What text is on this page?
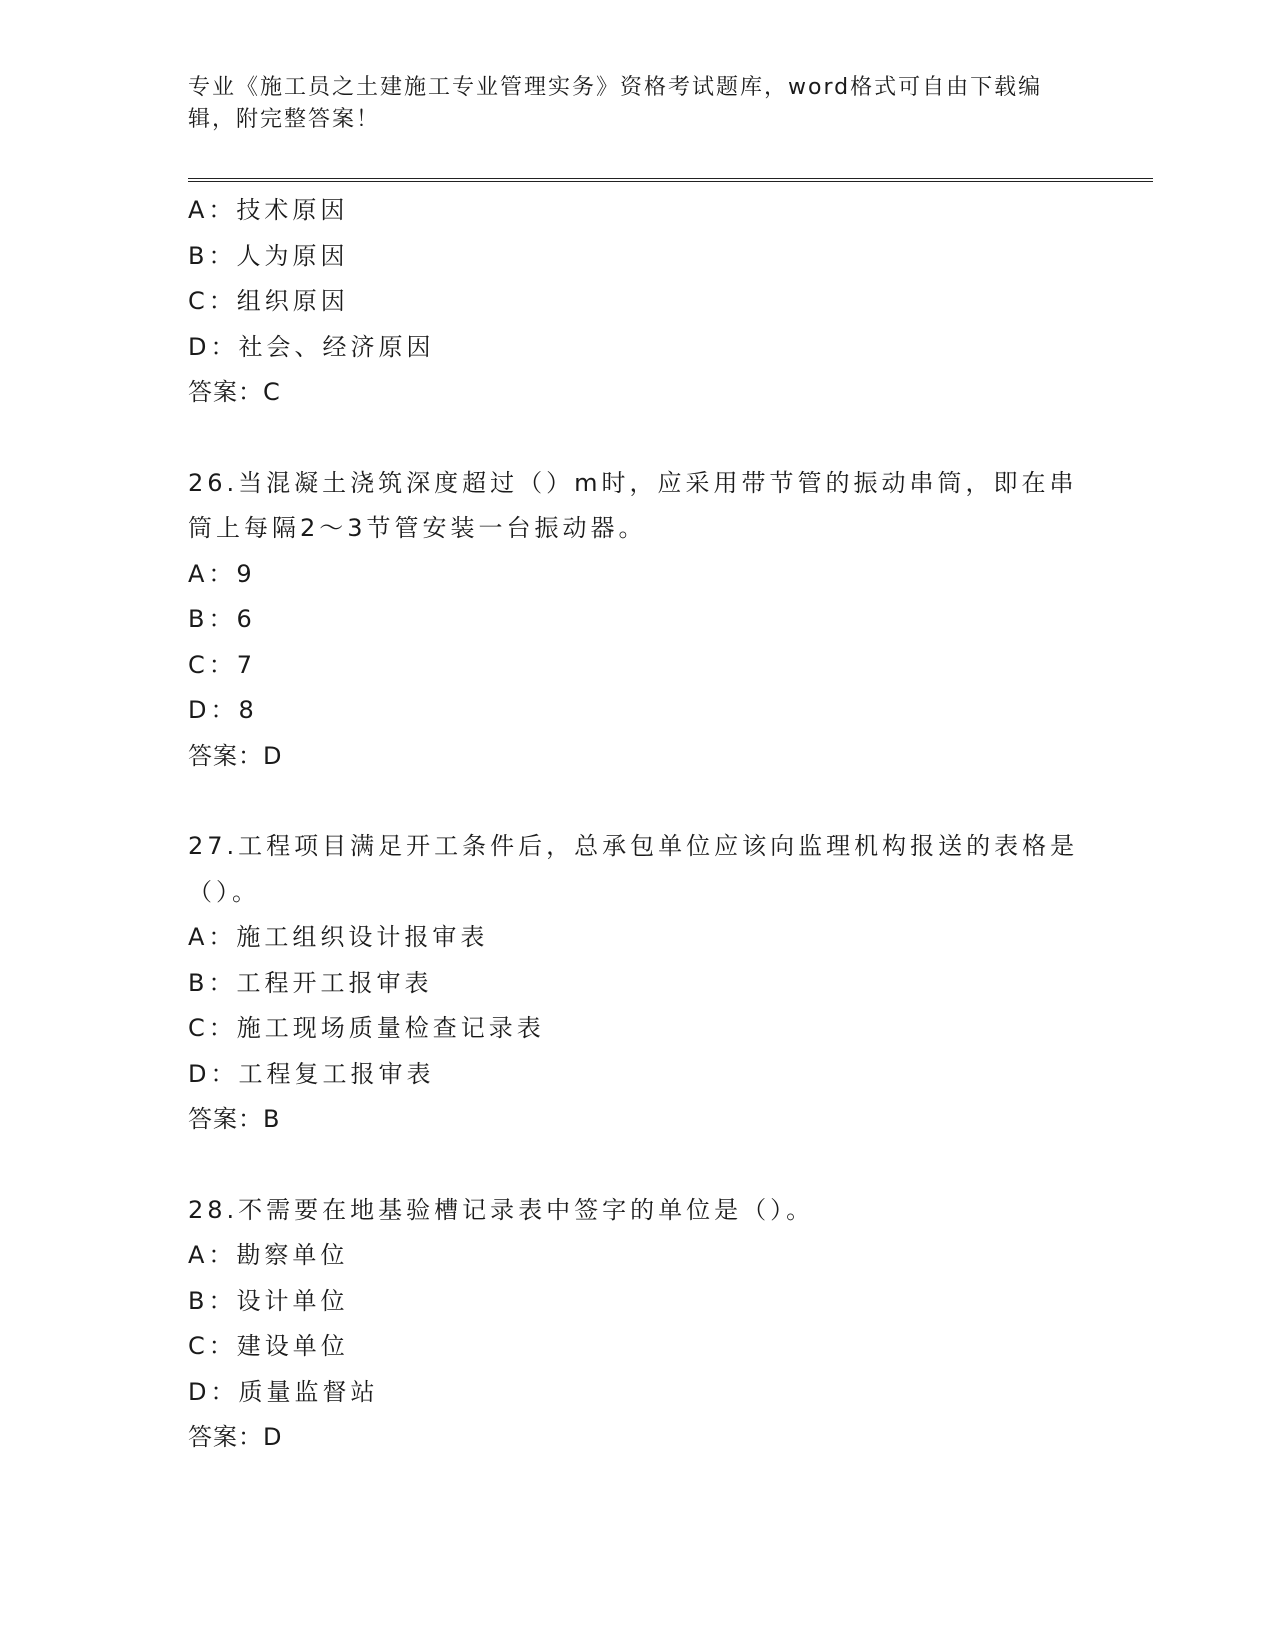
专业《施工员之土建施工专业管理实务》资格考试题库，word格式可自由下载编辑，附完整答案！
A：技术原因
B：人为原因
C：组织原因
D：社会、经济原因
答案：C
26.当混凝土浇筑深度超过（）m时，应采用带节管的振动串筒，即在串筒上每隔2～3节管安装一台振动器。
A：9
B：6
C：7
D：8
答案：D
27.工程项目满足开工条件后，总承包单位应该向监理机构报送的表格是（）。
A：施工组织设计报审表
B：工程开工报审表
C：施工现场质量检查记录表
D：工程复工报审表
答案：B
28.不需要在地基验槽记录表中签字的单位是（）。
A：勘察单位
B：设计单位
C：建设单位
D：质量监督站
答案：D
